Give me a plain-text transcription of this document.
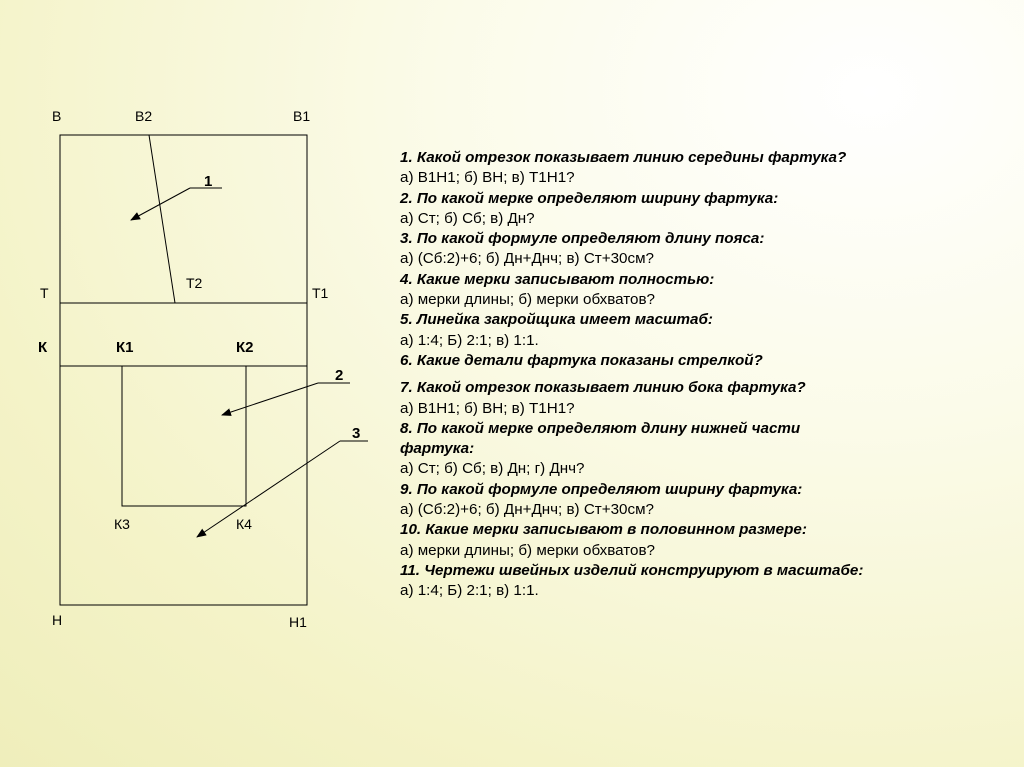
В	В2	В1
Т
Т2
Т1
К	К1	К2
К3	К4
Н	Н1
1
2
3
1. Какой отрезок показывает линию середины фартука?
а) В1Н1; б) ВН; в) Т1Н1?
2. По какой мерке определяют ширину фартука:
а) Ст; б) Сб; в) Дн?
3. По какой формуле определяют длину пояса:
а) (Сб:2)+6; б) Дн+Днч; в) Ст+30см?
4. Какие мерки записывают полностью:
а) мерки длины; б) мерки обхватов?
5. Линейка закройщика имеет масштаб:
а) 1:4; Б) 2:1; в) 1:1.
6. Какие детали фартука показаны стрелкой?
7. Какой отрезок показывает линию бока фартука?
а) В1Н1; б) ВН; в) Т1Н1?
8. По какой мерке определяют длину нижней части
фартука:
а) Ст; б) Сб; в) Дн; г) Днч?
9. По какой формуле определяют ширину фартука:
а) (Сб:2)+6; б) Дн+Днч; в) Ст+30см?
10. Какие мерки записывают в половинном размере:
а) мерки длины; б) мерки обхватов?
11. Чертежи швейных изделий конструируют в масштабе:
а) 1:4; Б) 2:1; в) 1:1.
